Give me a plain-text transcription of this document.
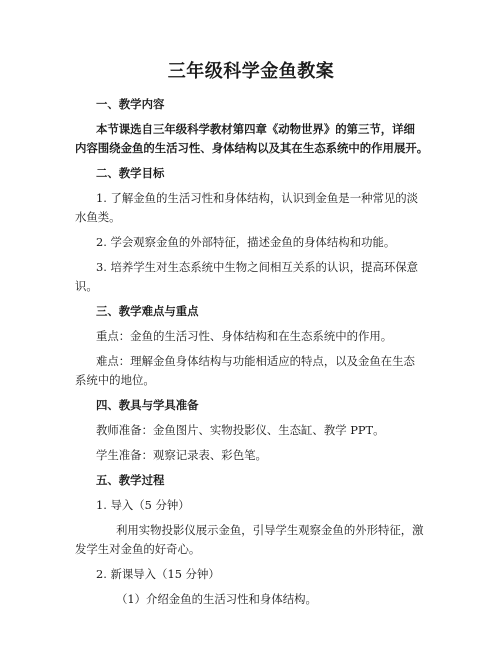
三年级科学金鱼教案
一、教学内容
本节课选自三年级科学教材第四章《动物世界》的第三节，详细
内容围绕金鱼的生活习性、身体结构以及其在生态系统中的作用展开。
二、教学目标
1. 了解金鱼的生活习性和身体结构，认识到金鱼是一种常见的淡
水鱼类。
2. 学会观察金鱼的外部特征，描述金鱼的身体结构和功能。
3. 培养学生对生态系统中生物之间相互关系的认识，提高环保意
识。
三、教学难点与重点
重点：金鱼的生活习性、身体结构和在生态系统中的作用。
难点：理解金鱼身体结构与功能相适应的特点，以及金鱼在生态
系统中的地位。
四、教具与学具准备
教师准备：金鱼图片、实物投影仪、生态缸、教学 PPT。
学生准备：观察记录表、彩色笔。
五、教学过程
1. 导入（5 分钟）
利用实物投影仪展示金鱼，引导学生观察金鱼的外形特征，激
发学生对金鱼的好奇心。
2. 新课导入（15 分钟）
（1）介绍金鱼的生活习性和身体结构。
